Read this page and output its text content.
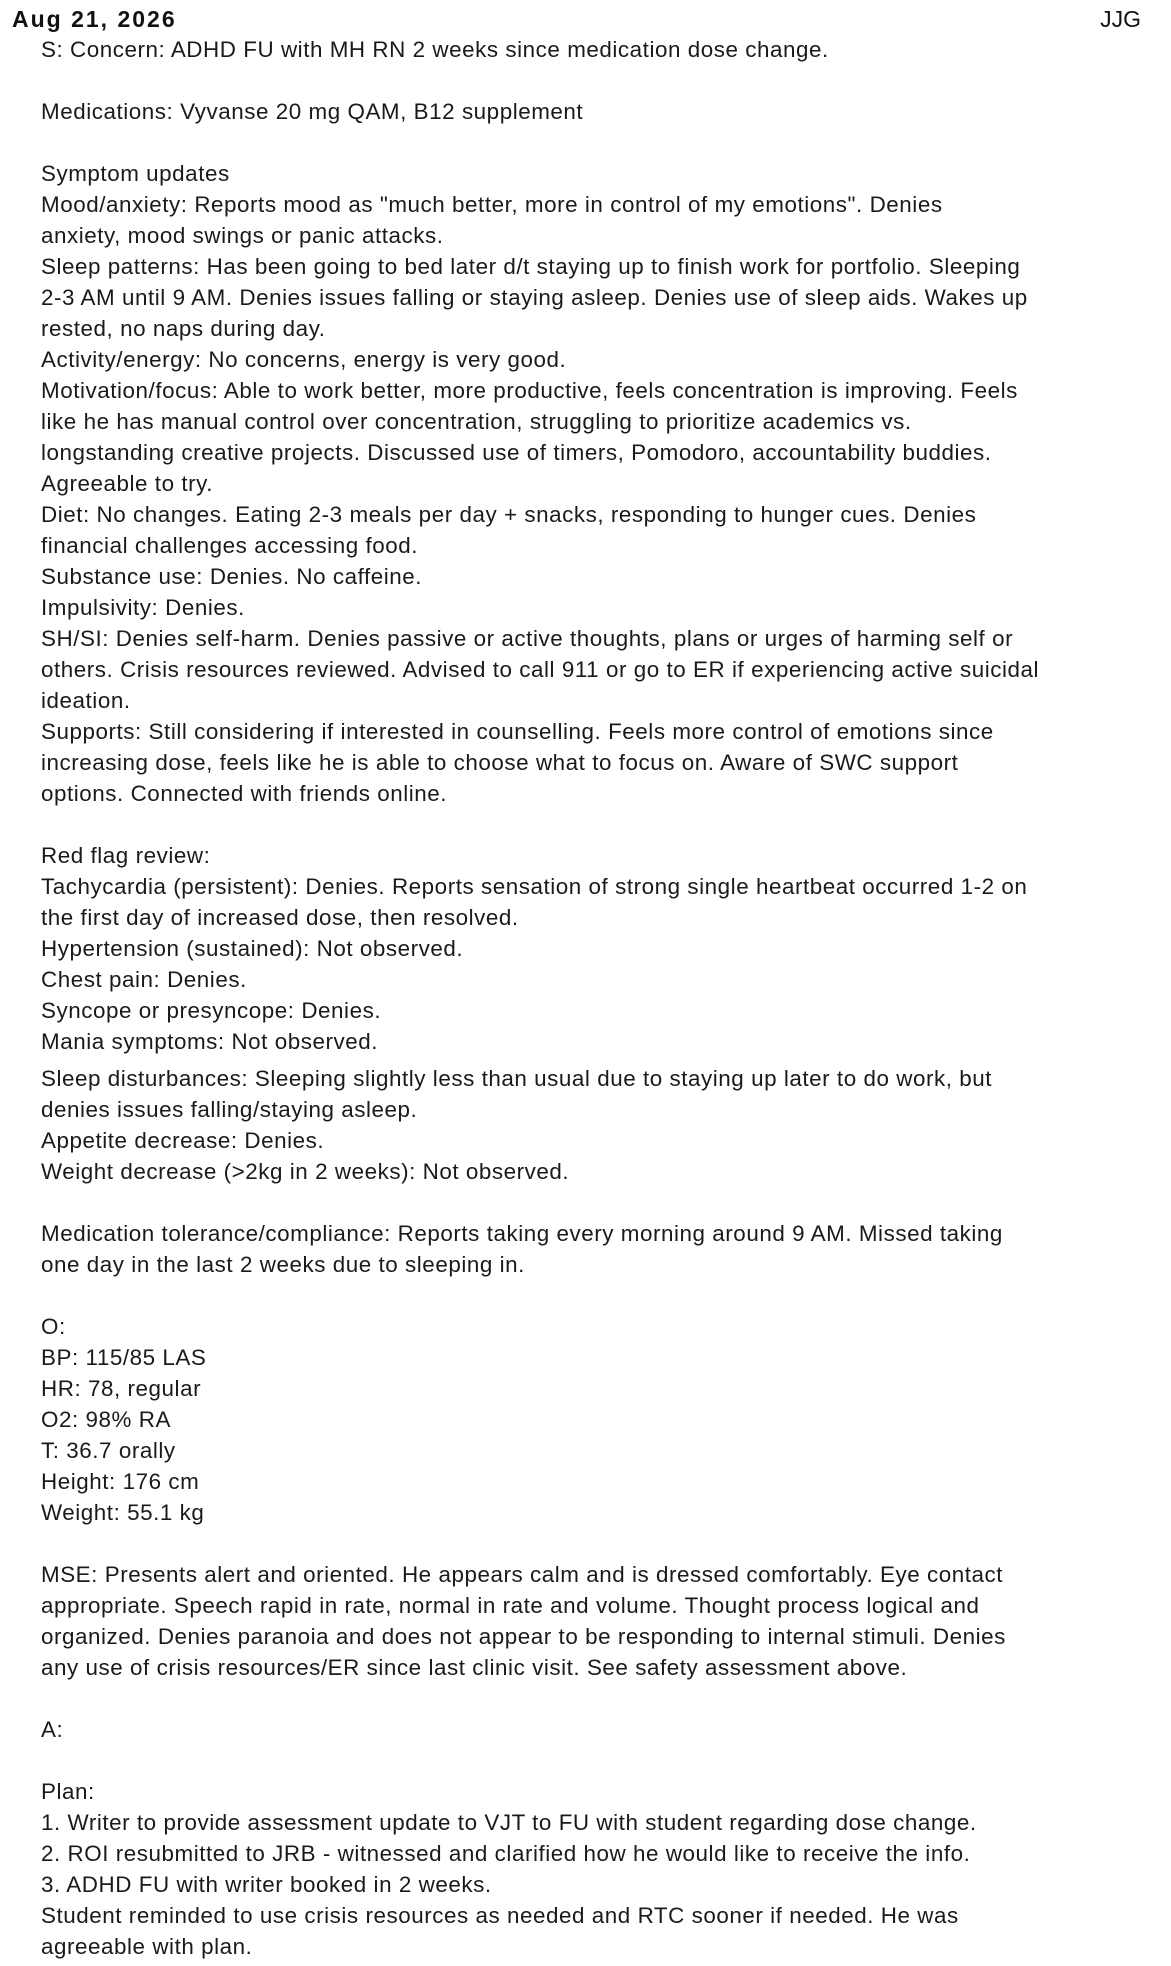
Aug 21, 2026	JJG
S: Concern: ADHD FU with MH RN 2 weeks since medication dose change.
Medications: Vyvanse 20 mg QAM, B12 supplement
Symptom updates
Mood/anxiety: Reports mood as "much better, more in control of my emotions". Denies
anxiety, mood swings or panic attacks.
Sleep patterns: Has been going to bed later d/t staying up to finish work for portfolio. Sleeping
2-3 AM until 9 AM. Denies issues falling or staying asleep. Denies use of sleep aids. Wakes up
rested, no naps during day.
Activity/energy: No concerns, energy is very good.
Motivation/focus: Able to work better, more productive, feels concentration is improving. Feels
like he has manual control over concentration, struggling to prioritize academics vs.
longstanding creative projects. Discussed use of timers, Pomodoro, accountability buddies.
Agreeable to try.
Diet: No changes. Eating 2-3 meals per day + snacks, responding to hunger cues. Denies
financial challenges accessing food.
Substance use: Denies. No caffeine.
Impulsivity: Denies.
SH/SI: Denies self-harm. Denies passive or active thoughts, plans or urges of harming self or
others. Crisis resources reviewed. Advised to call 911 or go to ER if experiencing active suicidal
ideation.
Supports: Still considering if interested in counselling. Feels more control of emotions since
increasing dose, feels like he is able to choose what to focus on. Aware of SWC support
options. Connected with friends online.
Red flag review:
Tachycardia (persistent): Denies. Reports sensation of strong single heartbeat occurred 1-2 on
the first day of increased dose, then resolved.
Hypertension (sustained): Not observed.
Chest pain: Denies.
Syncope or presyncope: Denies.
Mania symptoms: Not observed.
Sleep disturbances: Sleeping slightly less than usual due to staying up later to do work, but
denies issues falling/staying asleep.
Appetite decrease: Denies.
Weight decrease (>2kg in 2 weeks): Not observed.
Medication tolerance/compliance: Reports taking every morning around 9 AM. Missed taking
one day in the last 2 weeks due to sleeping in.
O:
BP: 115/85 LAS
HR: 78, regular
O2: 98% RA
T: 36.7 orally
Height: 176 cm
Weight: 55.1 kg
MSE: Presents alert and oriented. He appears calm and is dressed comfortably. Eye contact
appropriate. Speech rapid in rate, normal in rate and volume. Thought process logical and
organized. Denies paranoia and does not appear to be responding to internal stimuli. Denies
any use of crisis resources/ER since last clinic visit. See safety assessment above.
A:
Plan:
1. Writer to provide assessment update to VJT to FU with student regarding dose change.
2. ROI resubmitted to JRB - witnessed and clarified how he would like to receive the info.
3. ADHD FU with writer booked in 2 weeks.
Student reminded to use crisis resources as needed and RTC sooner if needed. He was
agreeable with plan.
